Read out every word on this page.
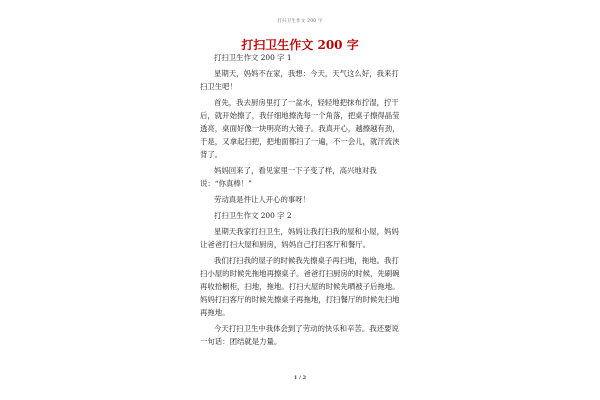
打扫卫生作文 200 字
打扫卫生作文 200 字

打扫卫生作文 200 字 1

星期天，妈妈不在家，我想：今天，天气这么好，我来打扫卫生吧！

首先，我去厨房里打了一盆水，轻轻地把抹布拧湿，拧干后，就开始擦了，我仔细地擦洗每一个角落，把桌子擦得晶莹透亮，桌面好像一块明亮的大镜子。我真开心，越擦越有劲，于是，又拿起扫把，把地面都扫了一遍，不一会儿，就汗流浃背了。

妈妈回来了，看见家里一下子变了样，高兴地对我说：“你真棒！”

劳动真是件让人开心的事呀！

打扫卫生作文 200 字 2

星期天我家打扫卫生，妈妈让我打扫我的屋和小屋，妈妈让爸爸打扫大屋和厨房，妈妈自己打扫客厅和餐厅。

我们打扫我的屋子的时候我先擦桌子再扫地，拖地。我打扫小屋的时候先拖地再擦桌子。爸爸打扫厨房的时候，先刷碗再收拾橱柜，扫地，拖地。打扫大屋的时候先晒被子后拖地。妈妈打扫客厅的时候先擦桌子再拖地，打扫餐厅的时候先扫地再拖地。

今天打扫卫生中我体会到了劳动的快乐和辛苦。我还要说一句话：团结就是力量。

1 / 2
